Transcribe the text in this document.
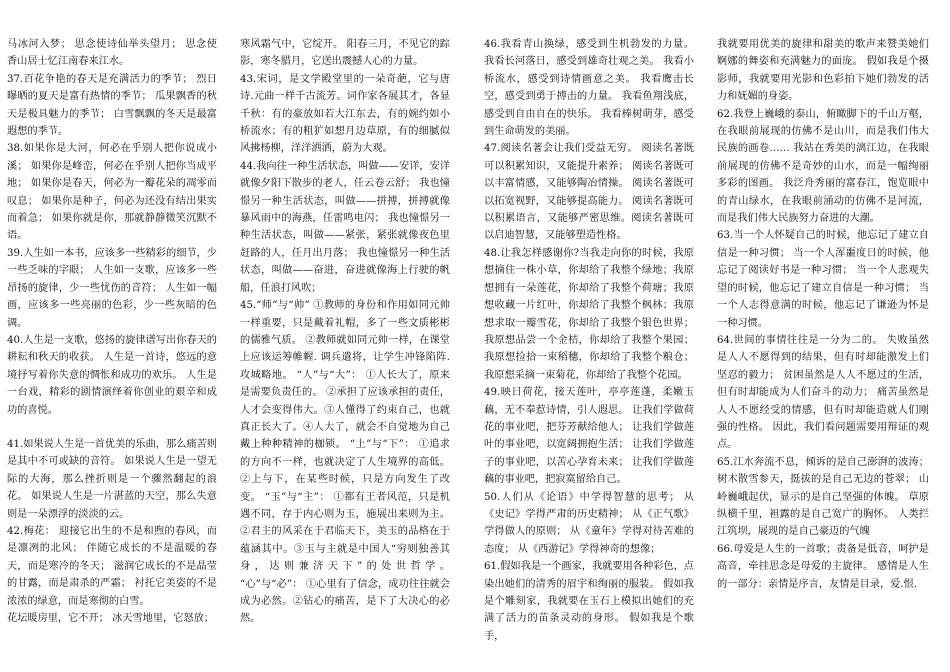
马冰河入梦； 思念使诗仙举头望月； 思念使香山居士忆江南春来江水。

37.百花争艳的春天是充满活力的季节； 烈日曝晒的夏天是富有热情的季节； 瓜果飘香的秋天是极具魅力的季节； 白雪飘飘的冬天是最富遐想的季节。

38.如果你是大河，何必在乎别人把你说成小溪； 如果你是峰峦，何必在乎别人把你当成平地； 如果你是春天，何必为一瓣花朵的凋零而叹息； 如果你是种子，何必为还没有结出果实而着急； 如果你就是你，那就静静微笑沉默不语。

39.人生如一本书，应该多一些精彩的细节，少一些乏味的字眼； 人生如一支歌，应该多一些昂扬的旋律，少一些忧伤的音符； 人生如一幅画，应该多一些亮丽的色彩，少一些灰暗的色调。

40.人生是一支歌，悠扬的旋律谱写出你春天的耕耘和秋天的收获。 人生是一首诗，悠远的意境抒写着你失意的惆怅和成功的欢乐。 人生是一台戏，精彩的剧情演绎着你创业的艰辛和成功的喜悦。

41.如果说人生是一首优美的乐曲，那么痛苦则是其中不可或缺的音符。 如果说人生是一望无际的大海，那么挫折则是一个骤然翻起的浪花。 如果说人生是一片湛蓝的天空，那么失意则是一朵漂浮的淡淡的云。

42.梅花： 迎接它出生的不是和煦的春风，而是凛冽的北风； 伴随它成长的不是温暖的春天，而是寒冷的冬天； 滋润它成长的不是晶莹的甘露，而是肃杀的严霜； 衬托它美姿的不是浓浓的绿意，而是寒彻的白雪。

花坛暖房里，它不开； 冰天雪地里，它怒放；

寒风霜气中，它绽开。 阳春三月，不见它的踪影，寒冬腊月，它送出震撼人心的力量。

43.宋词，是文学殿堂里的一朵奇葩，它与唐诗.元曲一样千古流芳。词作家各展其才，各显千秋：有的豪放如若大江东去，有的婉约如小桥流水；有的粗犷如想月边草原，有的细腻似风拂杨柳，洋洋洒洒，蔚为大观。

44.我向往一种生活状态，叫做——安详，安详就像夕阳下散步的老人，任云卷云舒； 我也憧憬另一种生活状态，叫做——拼搏，拼搏就像暴风雨中的海燕，任雷鸣电闪； 我也憧憬另一种生活状态，叫做——紧张，紧张就像夜色里赶路的人，任月出月落； 我也憧憬另一种生活状态，叫做——奋进，奋进就像海上行驶的帆船，任浪打风吹；

45.“师”与“帅” ①教师的身份和作用如同元帅一样重要，只是戴着礼帽，多了一些文质彬彬的儒雅气质。 ②教师就如同元帅一样，在课堂上应该运筹帷幄. 调兵遣将，让学生冲锋陷阵. 攻城略地。 “人”与“大”： ①人长大了，原来是需要负责任的。 ②承担了应该承担的责任，人才会变得伟大。③人懂得了约束自己，也就真正长大了。④人大了，就会不自觉地为自己戴上种种精神的枷锁。 “上”与“下”： ①追求的方向不一样，也就决定了人生境界的高低。②上与下，在某些时候，只是方向发生了改变。 “玉”与“主”： ①都有王者风范，只是机遇不同，存于内心则为玉，施展出来则为主。 ②君主的风采在于君临天下，美玉的品格在于蕴涵其中。③玉与主就是中国人“穷则独善其身，达则兼济天下”的处世哲学。 “心”与“必”： ①心里有了信念，成功往往就会成为必然。②钻心的痛苦，是下了大决心的必然。

46.我看青山换绿，感受到生机勃发的力量。 我看长河落日，感受到雄奇壮观之美。 我看小桥流水，感受到诗情画意之美。 我看鹰击长空，感受到勇于搏击的力量。 我看鱼翔浅底，感受到自由自在的快乐。 我看棒树萌芽，感受到生命萌发的美丽。

47.阅读名著会让我们受益无穷。 阅读名著既可以积累知识，又能提升素养； 阅读名著既可以丰富情感，又能够陶冶情操。 阅读名著既可以拓宽视野，又能够提高能力。 阅读名著既可以积累语言，又能够严密思维。阅读名著既可以启迪智慧，又能够塑造性格。

48.让我怎样感谢你?当我走向你的时候，我原想摘住一株小草，你却给了我整个绿地；我原想拥有一朵莲花，你却给了我整个荷塘；我原想收藏一片红叶，你却给了我整个枫林；我原想求取一瓣雪花，你却给了我整个银色世界；我原想品尝一个金桔，你却给了我整个果园；我原想捡拾一束稻穗，你却给了我整个粮仓；我原想采摘一束菊花，你却给了我整个花园。

49.映日荷花，接天莲叶，亭亭莲蓬，柔嫩玉藕，无不奉惹诗情，引人遐思。 让我们学做荷花的事业吧，把芬芳献给他人； 让我们学做莲叶的事业吧，以宽阔拥抱生活； 让我们学做莲子的事业吧，以苦心孕育未来； 让我们学做莲藕的事业吧，把寂寞留给自己。

50.人们从《论语》中学得智慧的思考； 从《史记》学得严肃的历史精神； 从《正气歌》学得做人的原则； 从《童年》学得对待苦难的态度； 从《西游记》学得神奇的想像；

61.假如我是一个画家，我就要用各种彩色，点染出她们的清秀的眉宇和绚丽的服装。 假如我是个雕刻家，我就要在玉石上模拟出她们的充满了活力的苗条灵动的身形。 假如我是个歌手，

我就要用优美的旋律和甜美的歌声来赞美她们婀娜的舞姿和充满魅力的面庞。 假如我是个摄影师，我就要用光影和色彩拍下她们勃发的活力和妩媚的身姿。

62.我登上巍峨的泰山，俯瞰脚下的千山万壑，在我眼前展现的仿佛不是山川，而是我们伟大民族的画卷…… 我站在秀美的漓江边，在我眼前展现的仿佛不是奇妙的山水，而是一幅绚丽多彩的图画。 我泛舟秀丽的富春江，饱览眼中的青山绿水，在我眼前涌动的仿佛不是河流，而是我们伟大民族努力奋进的大潮。

63.当一个人怀疑自己的时候，他忘记了建立自信是一种习惯； 当一个人浑噩度日的时候，他忘记了阅读好书是一种习惯； 当一个人悲观失望的时候，他忘记了建立自信是一种习惯； 当一个人志得意满的时候，他忘记了谦逊为怀是一种习惯。

64.世间的事情往往是一分为二的。 失败虽然是人人不愿得到的结果，但有时却能激发上们坚忍的毅力； 贫困虽然是人人不愿过的生活，但有时却能成为人们奋斗的动力； 痛苦虽然是人人不愿经受的情感，但有时却能造就人们刚强的性格。 因此，我们看问题需要用辩证的观点。

65.江水奔流不息，倾诉的是自己澎湃的波涛； 树木散雪参天，挺拔的是自己无边的苍翠； 山岭巍峨起伏，显示的是自己坚强的体魄。 草原纵横千里，袒露的是自己宽广的胸怀。 人类拦江筑坝，展现的是自己豪迈的气魄

66.母爱是人生的一首歌；责备是低音，呵护是高音，牵挂思念是母爱的主旋律。 感情是人生的一部分：亲情是序言，友情是目录，爱.恨.
